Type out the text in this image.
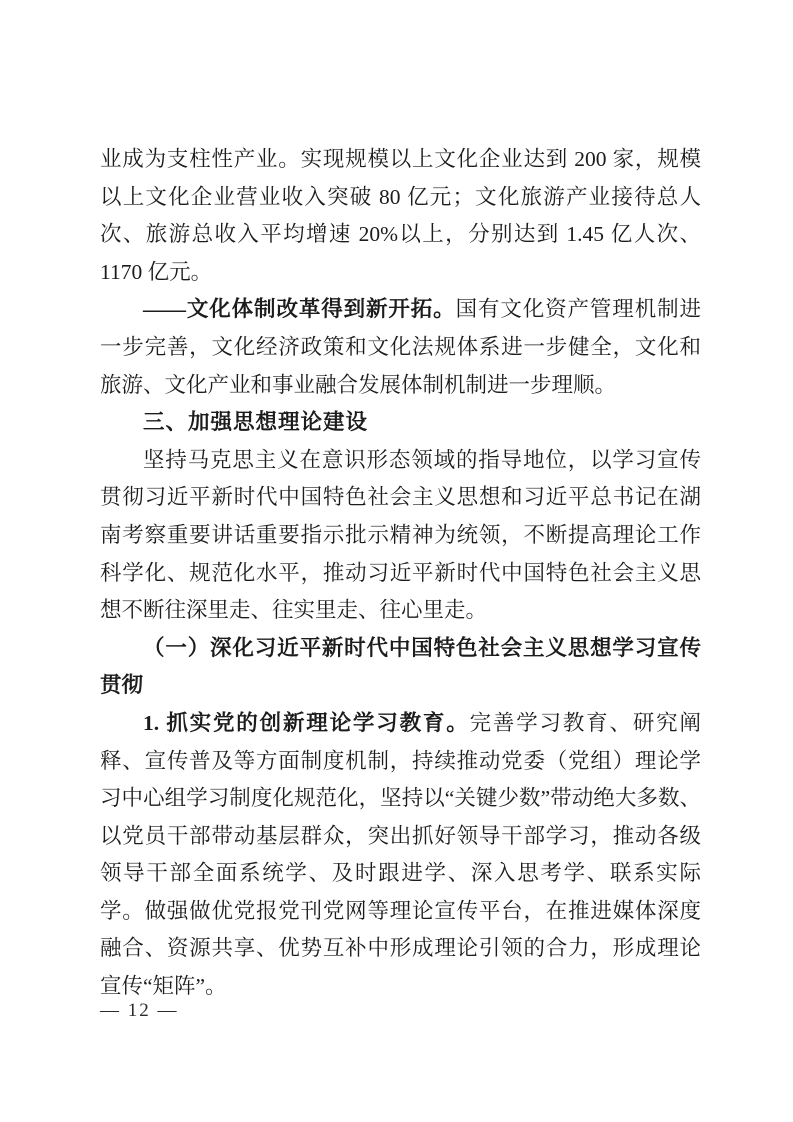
业成为支柱性产业。实现规模以上文化企业达到 200 家，规模以上文化企业营业收入突破 80 亿元；文化旅游产业接待总人次、旅游总收入平均增速 20%以上，分别达到 1.45 亿人次、1170 亿元。

——文化体制改革得到新开拓。国有文化资产管理机制进一步完善，文化经济政策和文化法规体系进一步健全，文化和旅游、文化产业和事业融合发展体制机制进一步理顺。

三、加强思想理论建设

坚持马克思主义在意识形态领域的指导地位，以学习宣传贯彻习近平新时代中国特色社会主义思想和习近平总书记在湖南考察重要讲话重要指示批示精神为统领，不断提高理论工作科学化、规范化水平，推动习近平新时代中国特色社会主义思想不断往深里走、往实里走、往心里走。

（一）深化习近平新时代中国特色社会主义思想学习宣传贯彻

1. 抓实党的创新理论学习教育。完善学习教育、研究阐释、宣传普及等方面制度机制，持续推动党委（党组）理论学习中心组学习制度化规范化，坚持以“关键少数”带动绝大多数、以党员干部带动基层群众，突出抓好领导干部学习，推动各级领导干部全面系统学、及时跟进学、深入思考学、联系实际学。做强做优党报党刊党网等理论宣传平台，在推进媒体深度融合、资源共享、优势互补中形成理论引领的合力，形成理论宣传“矩阵”。

— 12 —
